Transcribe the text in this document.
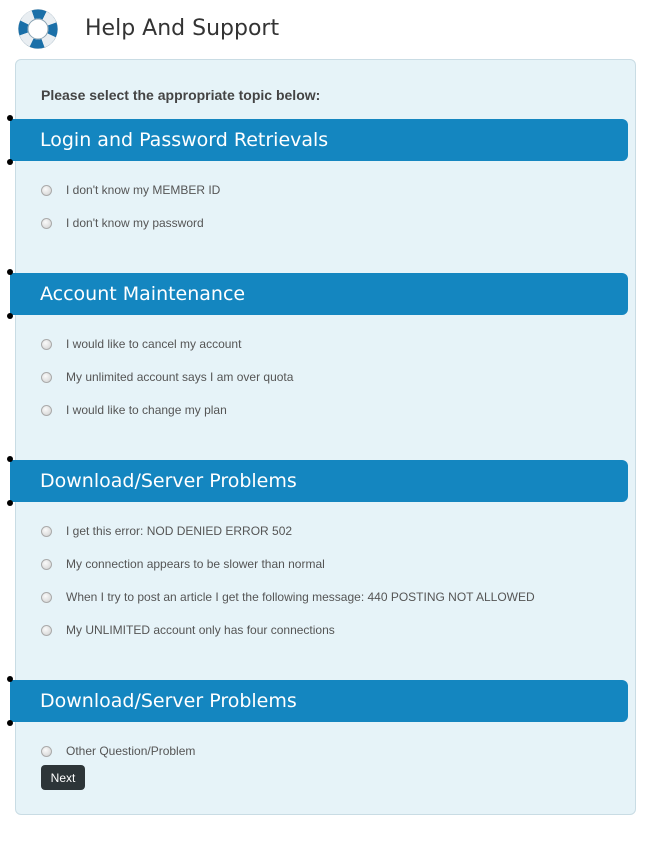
Help And Support
Please select the appropriate topic below:
Login and Password Retrievals
I don't know my MEMBER ID
I don't know my password
Account Maintenance
I would like to cancel my account
My unlimited account says I am over quota
I would like to change my plan
Download/Server Problems
I get this error: NOD DENIED ERROR 502
My connection appears to be slower than normal
When I try to post an article I get the following message: 440 POSTING NOT ALLOWED
My UNLIMITED account only has four connections
Download/Server Problems
Other Question/Problem
Next
